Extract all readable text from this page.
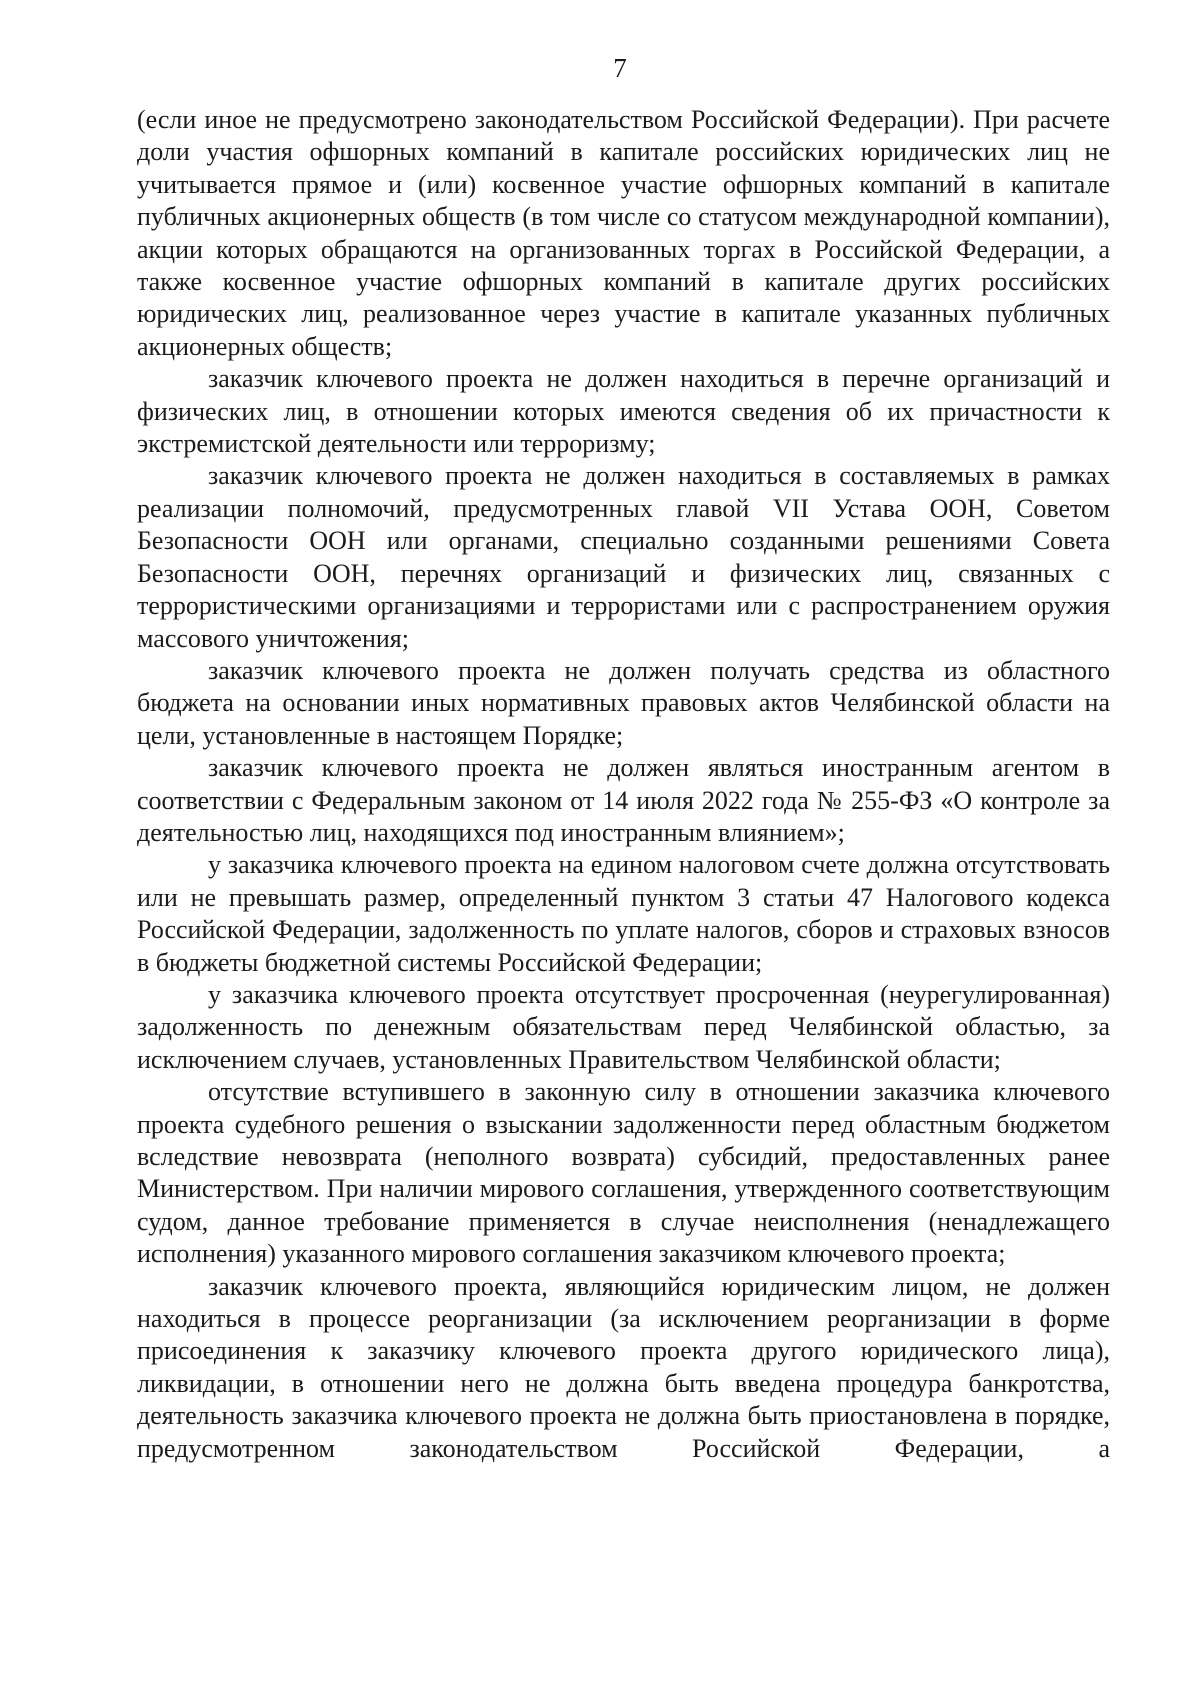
7

(если иное не предусмотрено законодательством Российской Федерации). При расчете доли участия офшорных компаний в капитале российских юридических лиц не учитывается прямое и (или) косвенное участие офшорных компаний в капитале публичных акционерных обществ (в том числе со статусом международной компании), акции которых обращаются на организованных торгах в Российской Федерации, а также косвенное участие офшорных компаний в капитале других российских юридических лиц, реализованное через участие в капитале указанных публичных акционерных обществ;

заказчик ключевого проекта не должен находиться в перечне организаций и физических лиц, в отношении которых имеются сведения об их причастности к экстремистской деятельности или терроризму;

заказчик ключевого проекта не должен находиться в составляемых в рамках реализации полномочий, предусмотренных главой VII Устава ООН, Советом Безопасности ООН или органами, специально созданными решениями Совета Безопасности ООН, перечнях организаций и физических лиц, связанных с террористическими организациями и террористами или с распространением оружия массового уничтожения;

заказчик ключевого проекта не должен получать средства из областного бюджета на основании иных нормативных правовых актов Челябинской области на цели, установленные в настоящем Порядке;

заказчик ключевого проекта не должен являться иностранным агентом в соответствии с Федеральным законом от 14 июля 2022 года № 255-ФЗ «О контроле за деятельностью лиц, находящихся под иностранным влиянием»;

у заказчика ключевого проекта на едином налоговом счете должна отсутствовать или не превышать размер, определенный пунктом 3 статьи 47 Налогового кодекса Российской Федерации, задолженность по уплате налогов, сборов и страховых взносов в бюджеты бюджетной системы Российской Федерации;

у заказчика ключевого проекта отсутствует просроченная (неурегулированная) задолженность по денежным обязательствам перед Челябинской областью, за исключением случаев, установленных Правительством Челябинской области;

отсутствие вступившего в законную силу в отношении заказчика ключевого проекта судебного решения о взыскании задолженности перед областным бюджетом вследствие невозврата (неполного возврата) субсидий, предоставленных ранее Министерством. При наличии мирового соглашения, утвержденного соответствующим судом, данное требование применяется в случае неисполнения (ненадлежащего исполнения) указанного мирового соглашения заказчиком ключевого проекта;

заказчик ключевого проекта, являющийся юридическим лицом, не должен находиться в процессе реорганизации (за исключением реорганизации в форме присоединения к заказчику ключевого проекта другого юридического лица), ликвидации, в отношении него не должна быть введена процедура банкротства, деятельность заказчика ключевого проекта не должна быть приостановлена в порядке, предусмотренном законодательством Российской Федерации, а
